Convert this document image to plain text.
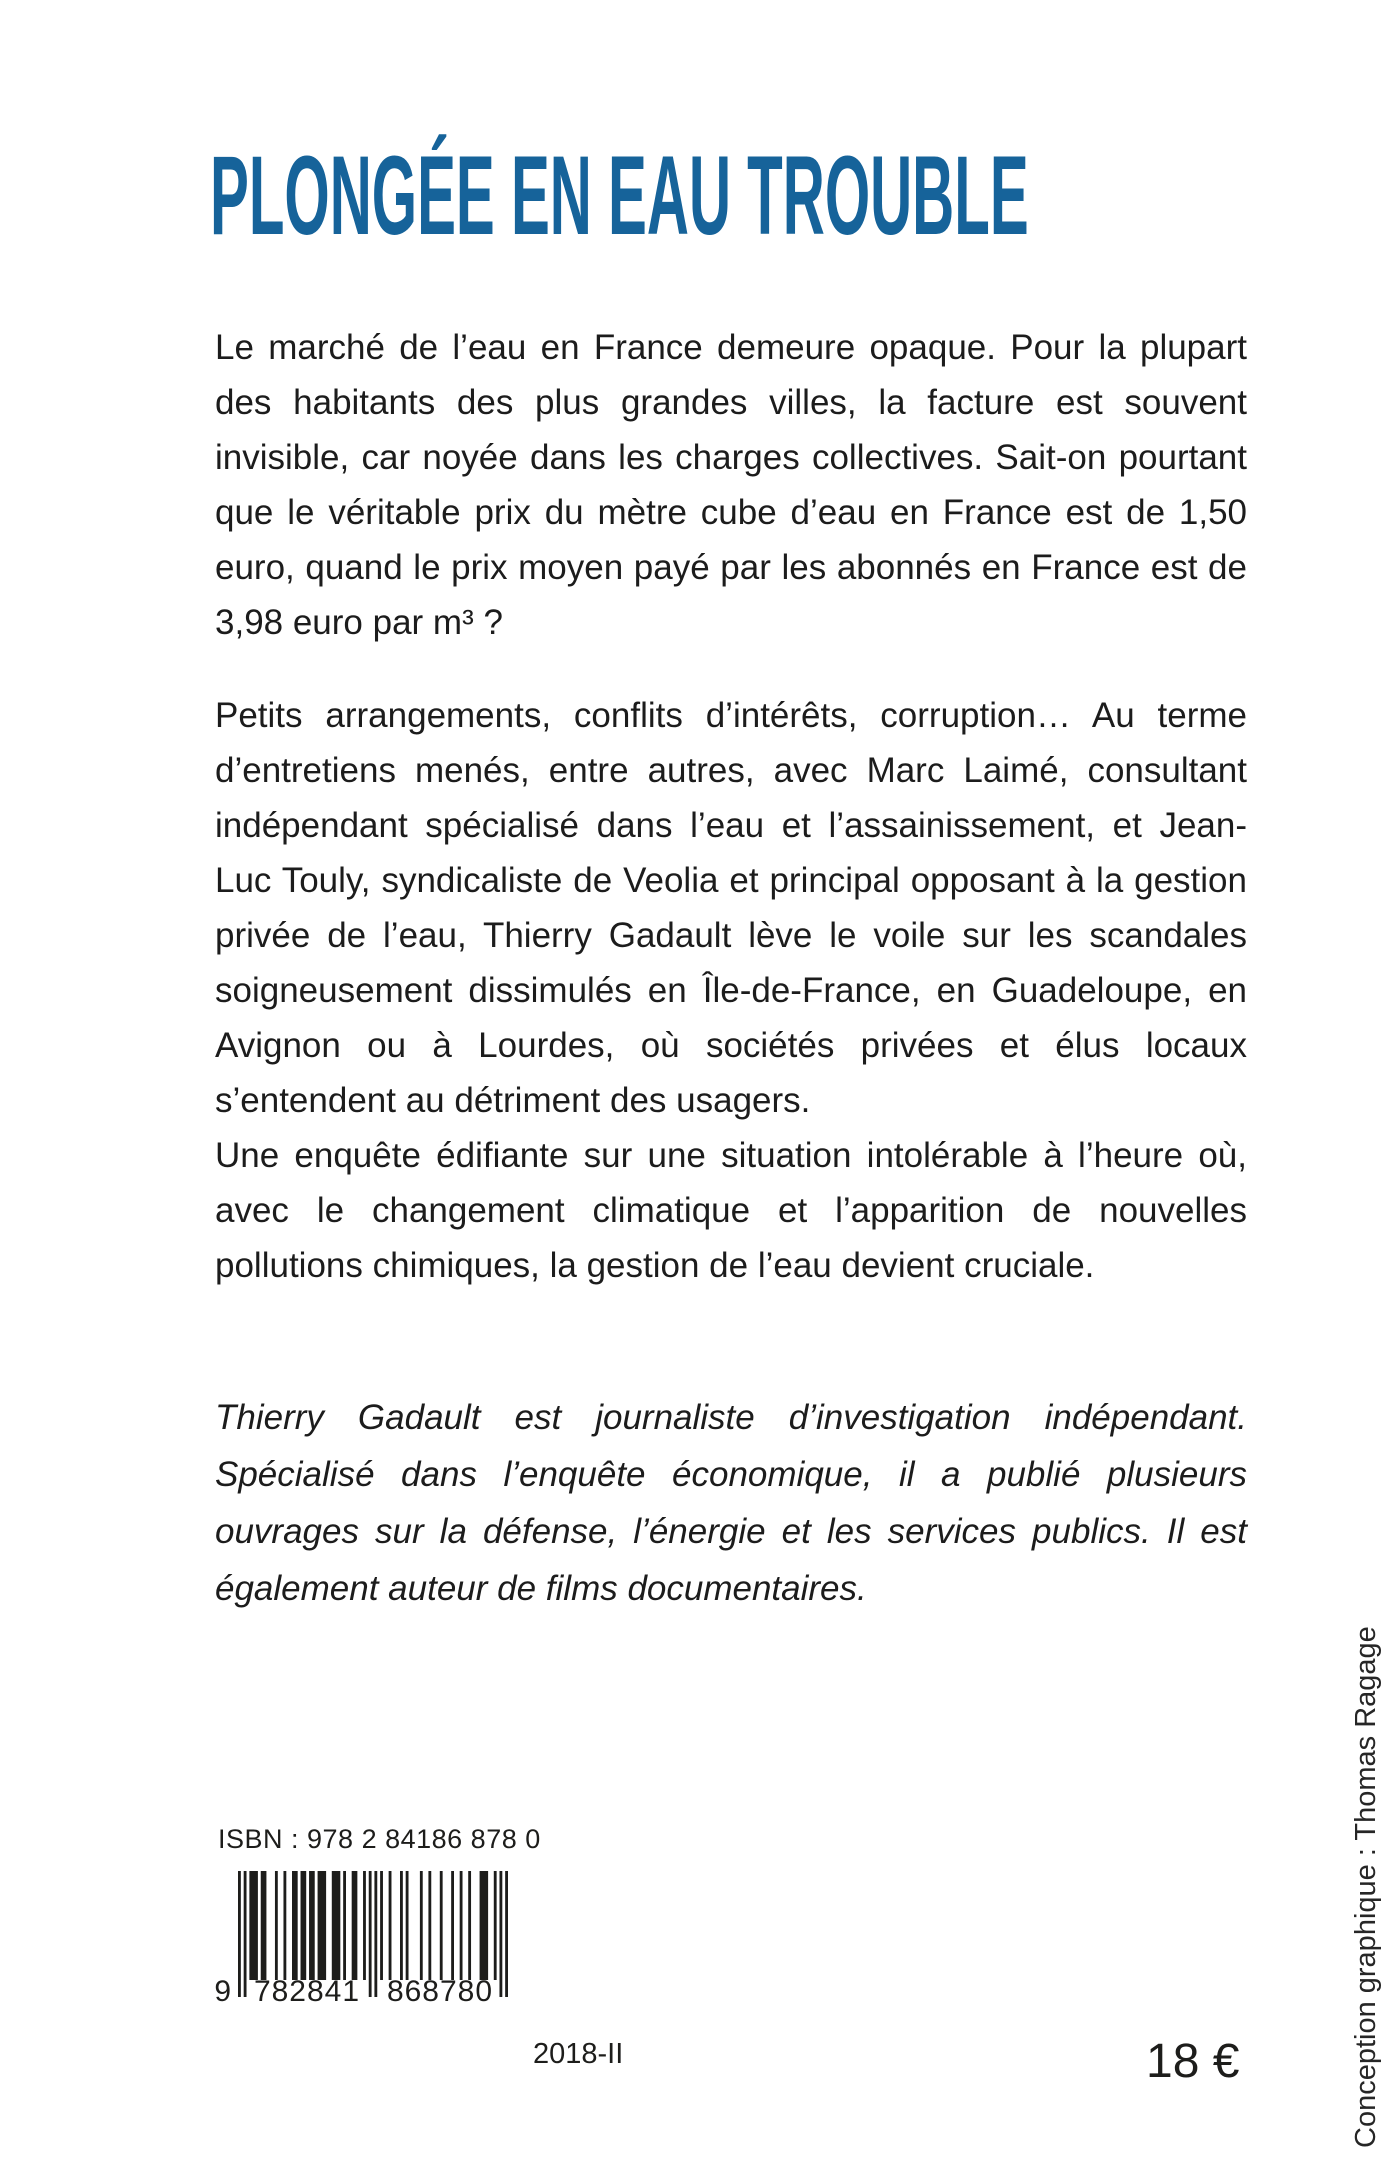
PLONGÉE EN EAU TROUBLE

Le marché de l’eau en France demeure opaque. Pour la plupart des habitants des plus grandes villes, la facture est souvent invisible, car noyée dans les charges collectives. Sait-on pourtant que le véritable prix du mètre cube d’eau en France est de 1,50 euro, quand le prix moyen payé par les abonnés en France est de 3,98 euro par m³ ?

Petits arrangements, conflits d’intérêts, corruption… Au terme d’entretiens menés, entre autres, avec Marc Laimé, consultant indépendant spécialisé dans l’eau et l’assainissement, et Jean-Luc Touly, syndicaliste de Veolia et principal opposant à la gestion privée de l’eau, Thierry Gadault lève le voile sur les scandales soigneusement dissimulés en Île-de-France, en Guadeloupe, en Avignon ou à Lourdes, où sociétés privées et élus locaux s’entendent au détriment des usagers.

Une enquête édifiante sur une situation intolérable à l’heure où, avec le changement climatique et l’apparition de nouvelles pollutions chimiques, la gestion de l’eau devient cruciale.

Thierry Gadault est journaliste d’investigation indépendant. Spécialisé dans l’enquête économique, il a publié plusieurs ouvrages sur la défense, l’énergie et les services publics. Il est également auteur de films documentaires.

ISBN : 978 2 84186 878 0
9 782841 868780
2018-II	18 €	Conception graphique : Thomas Ragage
